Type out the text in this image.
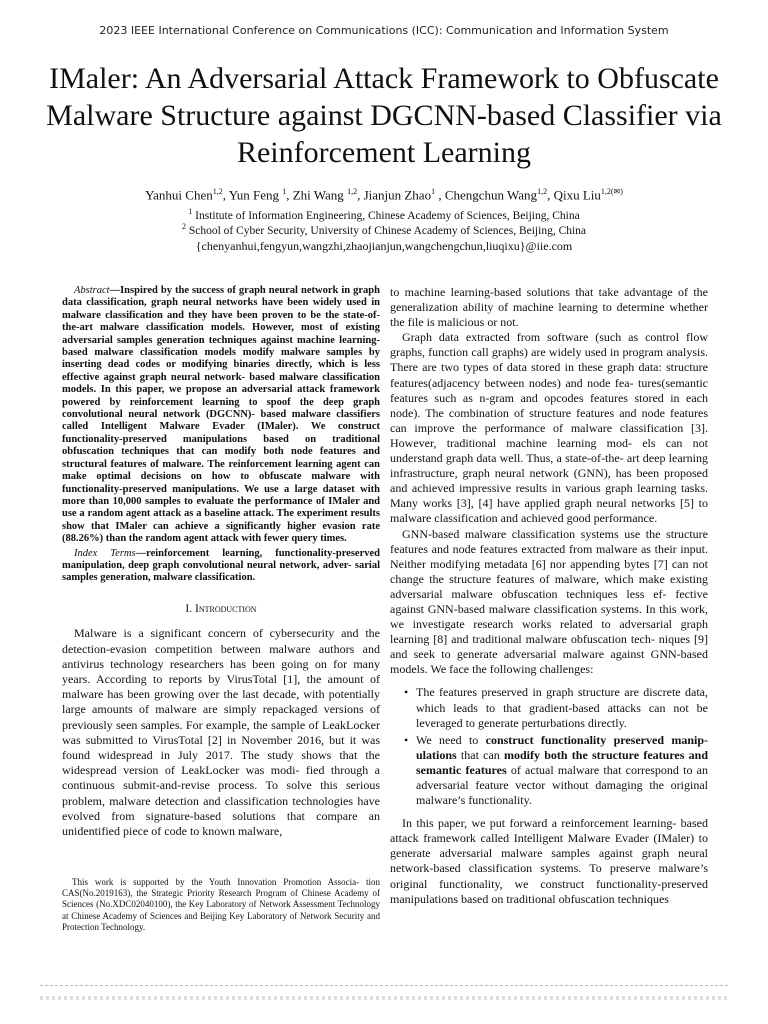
2023 IEEE International Conference on Communications (ICC): Communication and Information System
IMaler: An Adversarial Attack Framework to Obfuscate Malware Structure against DGCNN-based Classifier via Reinforcement Learning
Yanhui Chen$^{1,2}$, Yun Feng $^1$, Zhi Wang $^{1,2}$, Jianjun Zhao$^1$ , Chengchun Wang$^{1,2}$, Qixu Liu$^{1,2(✉)}$
$^1$ Institute of Information Engineering, Chinese Academy of Sciences, Beijing, China
$^2$ School of Cyber Security, University of Chinese Academy of Sciences, Beijing, China
{chenyanhui,fengyun,wangzhi,zhaojianjun,wangchengchun,liuqixu}@iie.com
Abstract—Inspired by the success of graph neural network in graph data classification, graph neural networks have been widely used in malware classification and they have been proven to be the state-of-the-art malware classification models. However, most of existing adversarial samples generation techniques against machine learning-based malware classification models modify malware samples by inserting dead codes or modifying binaries directly, which is less effective against graph neural network- based malware classification models. In this paper, we propose an adversarial attack framework powered by reinforcement learning to spoof the deep graph convolutional neural network (DGCNN)- based malware classifiers called Intelligent Malware Evader (IMaler). We construct functionality-preserved manipulations based on traditional obfuscation techniques that can modify both node features and structural features of malware. The reinforcement learning agent can make optimal decisions on how to obfuscate malware with functionality-preserved manipulations. We use a large dataset with more than 10,000 samples to evaluate the performance of IMaler and use a random agent attack as a baseline attack. The experiment results show that IMaler can achieve a significantly higher evasion rate (88.26%) than the random agent attack with fewer query times.
Index Terms—reinforcement learning, functionality-preserved manipulation, deep graph convolutional neural network, adver- sarial samples generation, malware classification.
I. Introduction

Malware is a significant concern of cybersecurity and the detection-evasion competition between malware authors and antivirus technology researchers has been going on for many years. According to reports by VirusTotal [1], the amount of malware has been growing over the last decade, with potentially large amounts of malware are simply repackaged versions of previously seen samples. For example, the sample of LeakLocker was submitted to VirusTotal [2] in November 2016, but it was found widespread in July 2017. The study shows that the widespread version of LeakLocker was modi- fied through a continuous submit-and-revise process. To solve this serious problem, malware detection and classification technologies have evolved from signature-based solutions that compare an unidentified piece of code to known malware,

This work is supported by the Youth Innovation Promotion Associa- tion CAS(No.2019163), the Strategic Priority Research Program of Chinese Academy of Sciences (No.XDC02040100), the Key Laboratory of Network Assessment Technology at Chinese Academy of Sciences and Beijing Key Laboratory of Network Security and Protection Technology.

to machine learning-based solutions that take advantage of the generalization ability of machine learning to determine whether the file is malicious or not.

Graph data extracted from software (such as control flow graphs, function call graphs) are widely used in program analysis. There are two types of data stored in these graph data: structure features(adjacency between nodes) and node fea- tures(semantic features such as n-gram and opcodes features stored in each node). The combination of structure features and node features can improve the performance of malware classification [3]. However, traditional machine learning mod- els can not understand graph data well. Thus, a state-of-the- art deep learning infrastructure, graph neural network (GNN), has been proposed and achieved impressive results in various graph learning tasks. Many works [3], [4] have applied graph neural networks [5] to malware classification and achieved good performance.

GNN-based malware classification systems use the structure features and node features extracted from malware as their input. Neither modifying metadata [6] nor appending bytes [7] can not change the structure features of malware, which make existing adversarial malware obfuscation techniques less ef- fective against GNN-based malware classification systems. In this work, we investigate research works related to adversarial graph learning [8] and traditional malware obfuscation tech- niques [9] and seek to generate adversarial malware against GNN-based models. We face the following challenges:

• The features preserved in graph structure are discrete data, which leads to that gradient-based attacks can not be leveraged to generate perturbations directly.
• We need to construct functionality preserved manip- ulations that can modify both the structure features and semantic features of actual malware that correspond to an adversarial feature vector without damaging the original malware’s functionality.

In this paper, we put forward a reinforcement learning- based attack framework called Intelligent Malware Evader (IMaler) to generate adversarial malware samples against graph neural network-based classification systems. To preserve malware’s original functionality, we construct functionality-preserved manipulations based on traditional obfuscation techniques
